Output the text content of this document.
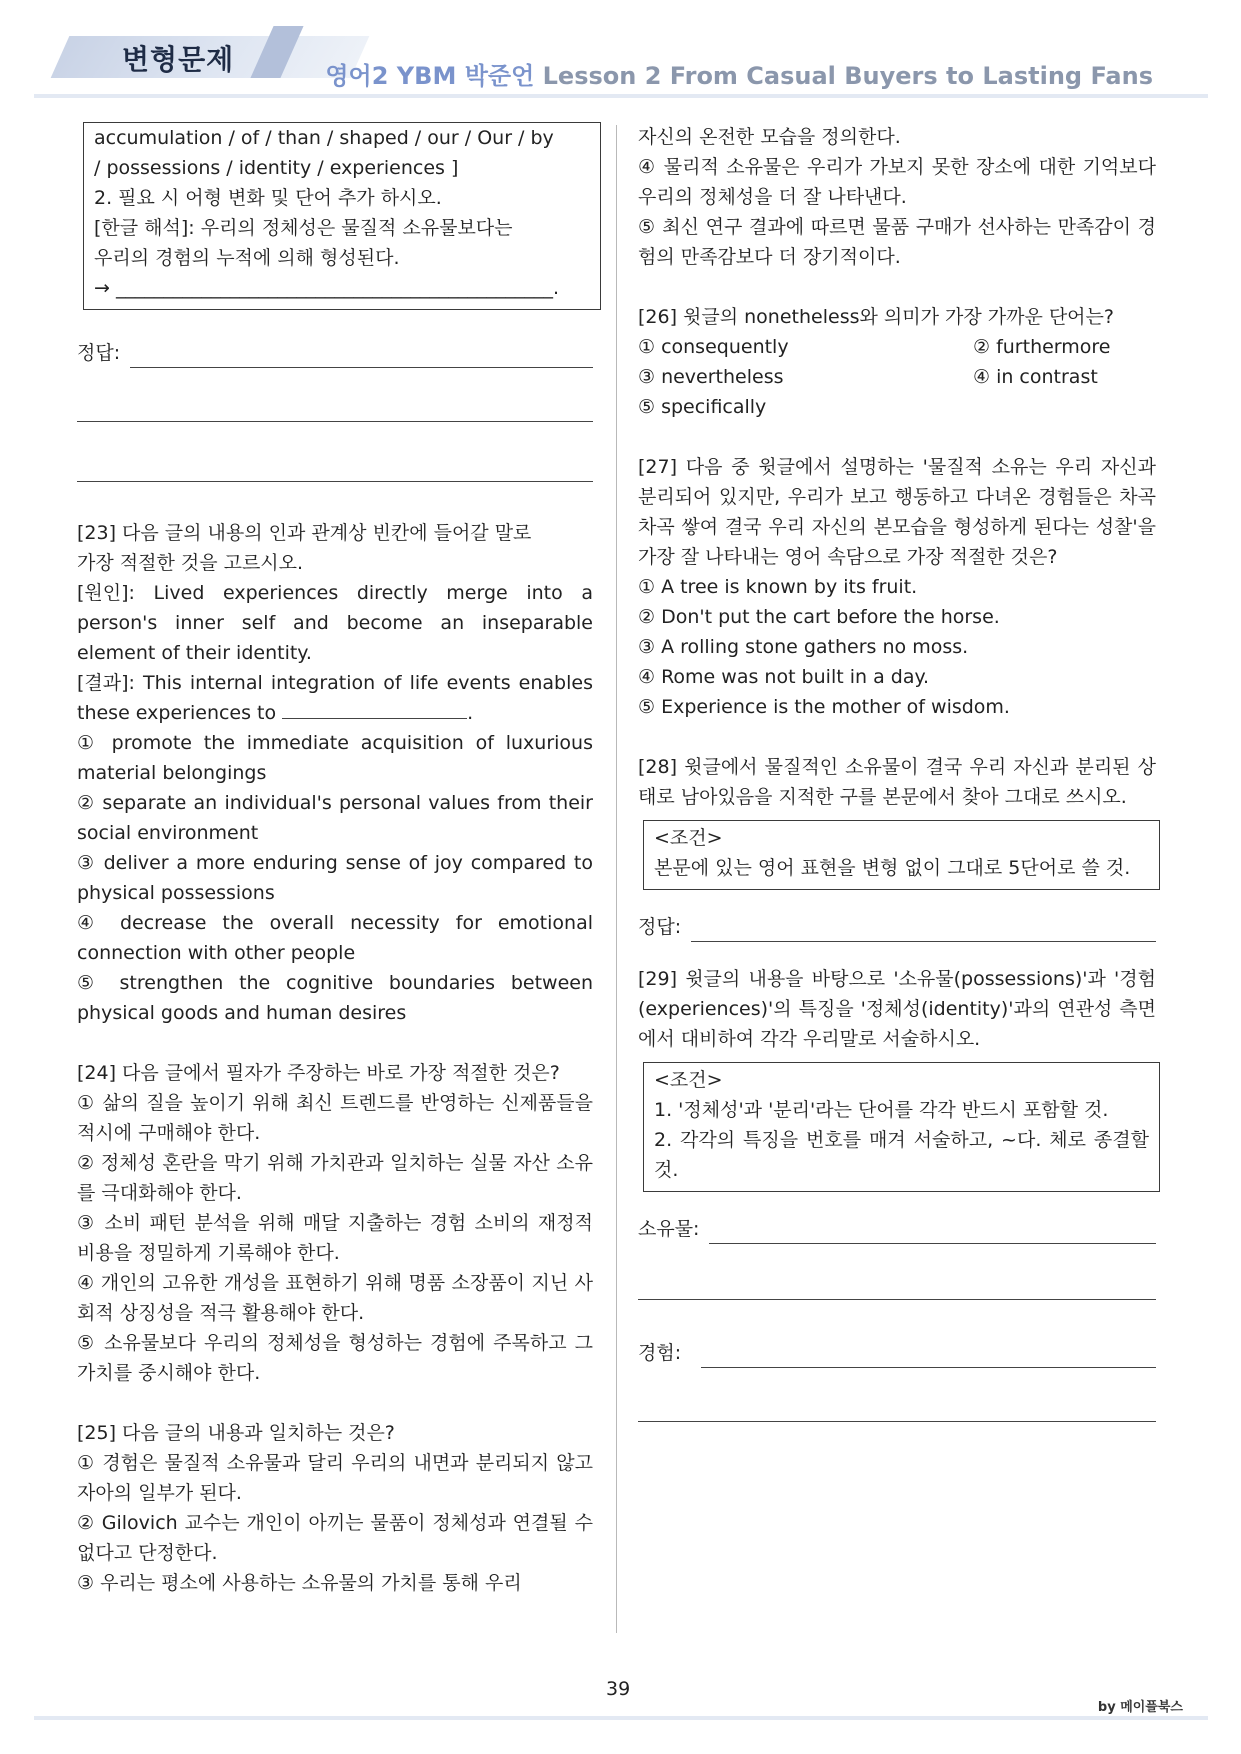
변형문제	영어2 YBM 박준언 Lesson 2 From Casual Buyers to Lasting Fans
accumulation / of / than / shaped / our / Our / by
/ possessions / identity / experiences ]
2. 필요 시 어형 변화 및 단어 추가 하시오.
[한글 해석]: 우리의 정체성은 물질적 소유물보다는
우리의 경험의 누적에 의해 형성된다.
→ ______________________________________________.
정답:
[23] 다음 글의 내용의 인과 관계상 빈칸에 들어갈 말로
가장 적절한 것을 고르시오.
[원인]: Lived experiences directly merge into a person's inner self and become an inseparable element of their identity.
[결과]: This internal integration of life events enables these experiences to	.
① promote the immediate acquisition of luxurious material belongings
② separate an individual's personal values from their social environment
③ deliver a more enduring sense of joy compared to physical possessions
④ decrease the overall necessity for emotional connection with other people
⑤ strengthen the cognitive boundaries between physical goods and human desires
[24] 다음 글에서 필자가 주장하는 바로 가장 적절한 것은?
① 삶의 질을 높이기 위해 최신 트렌드를 반영하는 신제품들을 적시에 구매해야 한다.
② 정체성 혼란을 막기 위해 가치관과 일치하는 실물 자산 소유를 극대화해야 한다.
③ 소비 패턴 분석을 위해 매달 지출하는 경험 소비의 재정적 비용을 정밀하게 기록해야 한다.
④ 개인의 고유한 개성을 표현하기 위해 명품 소장품이 지닌 사회적 상징성을 적극 활용해야 한다.
⑤ 소유물보다 우리의 정체성을 형성하는 경험에 주목하고 그 가치를 중시해야 한다.
[25] 다음 글의 내용과 일치하는 것은?
① 경험은 물질적 소유물과 달리 우리의 내면과 분리되지 않고 자아의 일부가 된다.
② Gilovich 교수는 개인이 아끼는 물품이 정체성과 연결될 수 없다고 단정한다.
③ 우리는 평소에 사용하는 소유물의 가치를 통해 우리
자신의 온전한 모습을 정의한다.
④ 물리적 소유물은 우리가 가보지 못한 장소에 대한 기억보다 우리의 정체성을 더 잘 나타낸다.
⑤ 최신 연구 결과에 따르면 물품 구매가 선사하는 만족감이 경험의 만족감보다 더 장기적이다.
[26] 윗글의 nonetheless와 의미가 가장 가까운 단어는?
① consequently	② furthermore
③ nevertheless	④ in contrast
⑤ specifically
[27] 다음 중 윗글에서 설명하는 '물질적 소유는 우리 자신과 분리되어 있지만, 우리가 보고 행동하고 다녀온 경험들은 차곡차곡 쌓여 결국 우리 자신의 본모습을 형성하게 된다는 성찰'을 가장 잘 나타내는 영어 속담으로 가장 적절한 것은?
① A tree is known by its fruit.
② Don't put the cart before the horse.
③ A rolling stone gathers no moss.
④ Rome was not built in a day.
⑤ Experience is the mother of wisdom.
[28] 윗글에서 물질적인 소유물이 결국 우리 자신과 분리된 상태로 남아있음을 지적한 구를 본문에서 찾아 그대로 쓰시오.
<조건>
본문에 있는 영어 표현을 변형 없이 그대로 5단어로 쓸 것.
정답:
[29] 윗글의 내용을 바탕으로 '소유물(possessions)'과 '경험(experiences)'의 특징을 '정체성(identity)'과의 연관성 측면에서 대비하여 각각 우리말로 서술하시오.
<조건>
1. '정체성'과 '분리'라는 단어를 각각 반드시 포함할 것.
2. 각각의 특징을 번호를 매겨 서술하고, ~다. 체로 종결할 것.
소유물:
경험:
39
by 메이플북스
